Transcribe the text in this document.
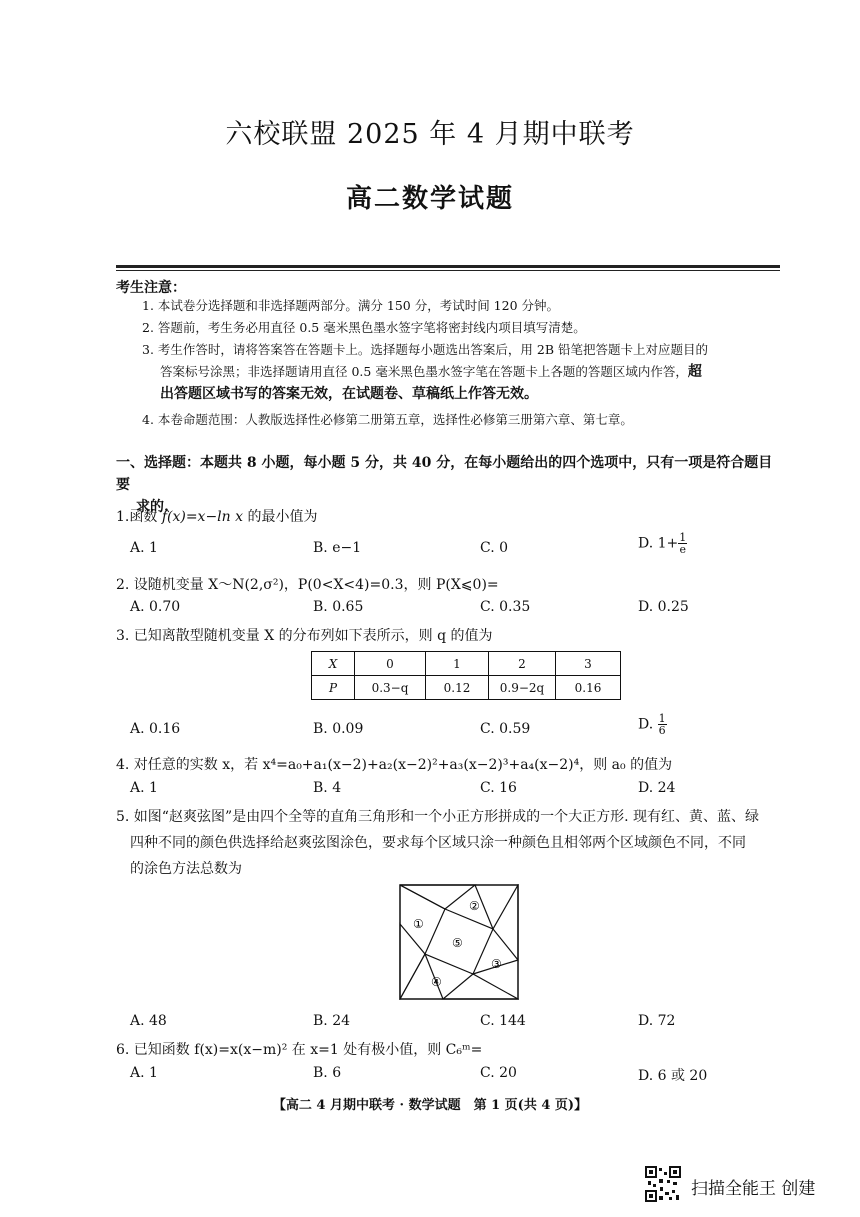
六校联盟 2025 年 4 月期中联考
高二数学试题
考生注意：
1. 本试卷分选择题和非选择题两部分。满分 150 分，考试时间 120 分钟。
2. 答题前，考生务必用直径 0.5 毫米黑色墨水签字笔将密封线内项目填写清楚。
3. 考生作答时，请将答案答在答题卡上。选择题每小题选出答案后，用 2B 铅笔把答题卡上对应题目的
答案标号涂黑；非选择题请用直径 0.5 毫米黑色墨水签字笔在答题卡上各题的答题区域内作答，超
出答题区域书写的答案无效，在试题卷、草稿纸上作答无效。
4. 本卷命题范围：人教版选择性必修第二册第五章，选择性必修第三册第六章、第七章。
一、选择题：本题共 8 小题，每小题 5 分，共 40 分，在每小题给出的四个选项中，只有一项是符合题目要
求的.
1.函数 f(x)=x−ln x 的最小值为
A. 1	B. e−1	C. 0	D. $1+ \frac{1}{e}$
2. 设随机变量 X～N(2,σ²)，P(0<X<4)=0.3，则 P(X⩽0)=
A. 0.70	B. 0.65	C. 0.35	D. 0.25
3. 已知离散型随机变量 X 的分布列如下表所示，则 q 的值为
X	0	1	2	3
P	0.3−q	0.12	0.9−2q	0.16
A. 0.16	B. 0.09	C. 0.59	D. $\frac{1}{6}$
4. 对任意的实数 x，若 x⁴=a₀+a₁(x−2)+a₂(x−2)²+a₃(x−2)³+a₄(x−2)⁴，则 a₀ 的值为
A. 1	B. 4	C. 16	D. 24
5. 如图“赵爽弦图”是由四个全等的直角三角形和一个小正方形拼成的一个大正方形. 现有红、黄、蓝、绿
四种不同的颜色供选择给赵爽弦图涂色，要求每个区域只涂一种颜色且相邻两个区域颜色不同，不同
的涂色方法总数为
①
②
③
④
⑤
A. 48	B. 24	C. 144	D. 72
6. 已知函数 f(x)=x(x−m)² 在 x=1 处有极小值，则 C₆ᵐ=
A. 1	B. 6	C. 20	D. 6 或 20
【高二 4 月期中联考 · 数学试题　第 1 页(共 4 页)】
扫描全能王 创建
